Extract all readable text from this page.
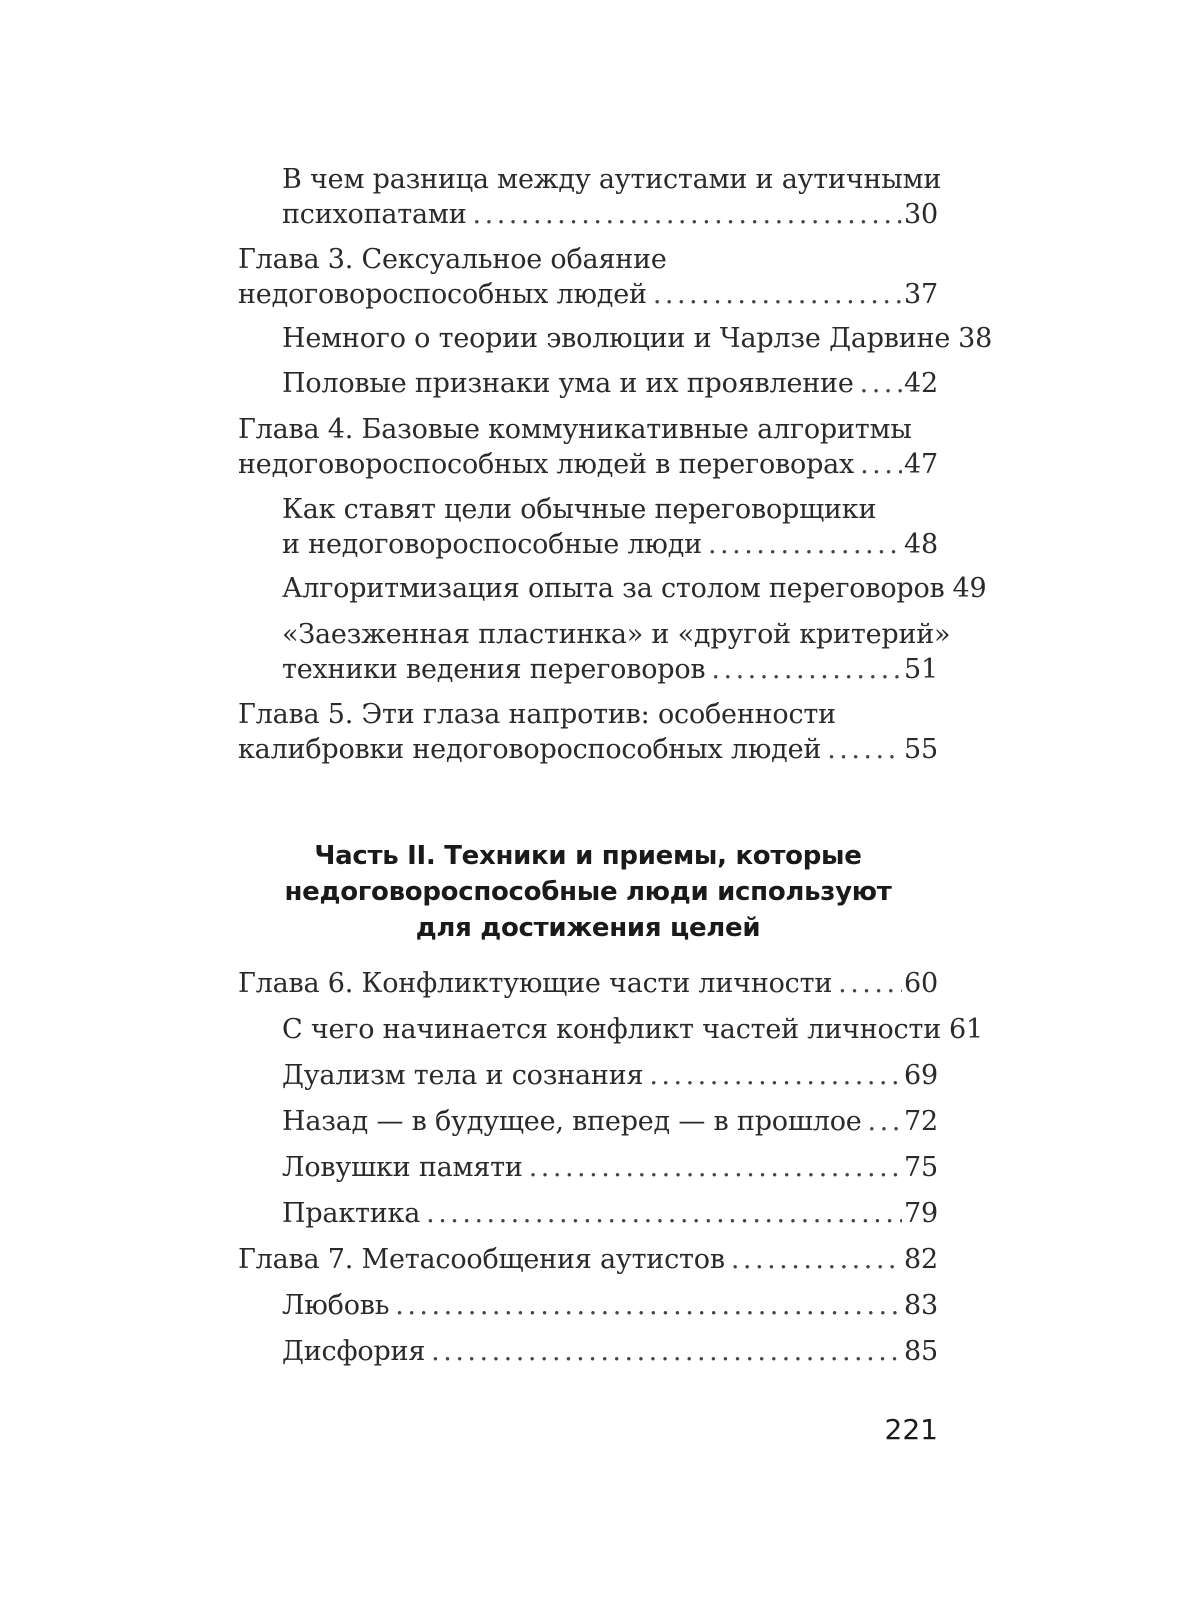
В чем разница между аутистами и аутичными
психопатами .....	30
Глава 3. Сексуальное обаяние
недоговороспособных людей .....	37
Немного о теории эволюции и Чарлзе Дарвине 38
Половые признаки ума и их проявление ..... 42
Глава 4. Базовые коммуникативные алгоритмы
недоговороспособных людей в переговорах ..... 47
Как ставят цели обычные переговорщики
и недоговороспособные люди .....	48
Алгоритмизация опыта за столом переговоров 49
«Заезженная пластинка» и «другой критерий»
техники ведения переговоров .....	51
Глава 5. Эти глаза напротив: особенности
калибровки недоговороспособных людей .....	55
Глава 6. Конфликтующие части личности .....	60
С чего начинается конфликт частей личности 61
Дуализм тела и сознания .....	69
Назад — в будущее, вперед — в прошлое ..... 72
Ловушки памяти .....	75
Практика .....	79
Глава 7. Метасообщения аутистов .....	82
Любовь .....	83
Дисфория .....	85
Часть II. Техники и приемы, которые
недоговороспособные люди используют
для достижения целей
221
